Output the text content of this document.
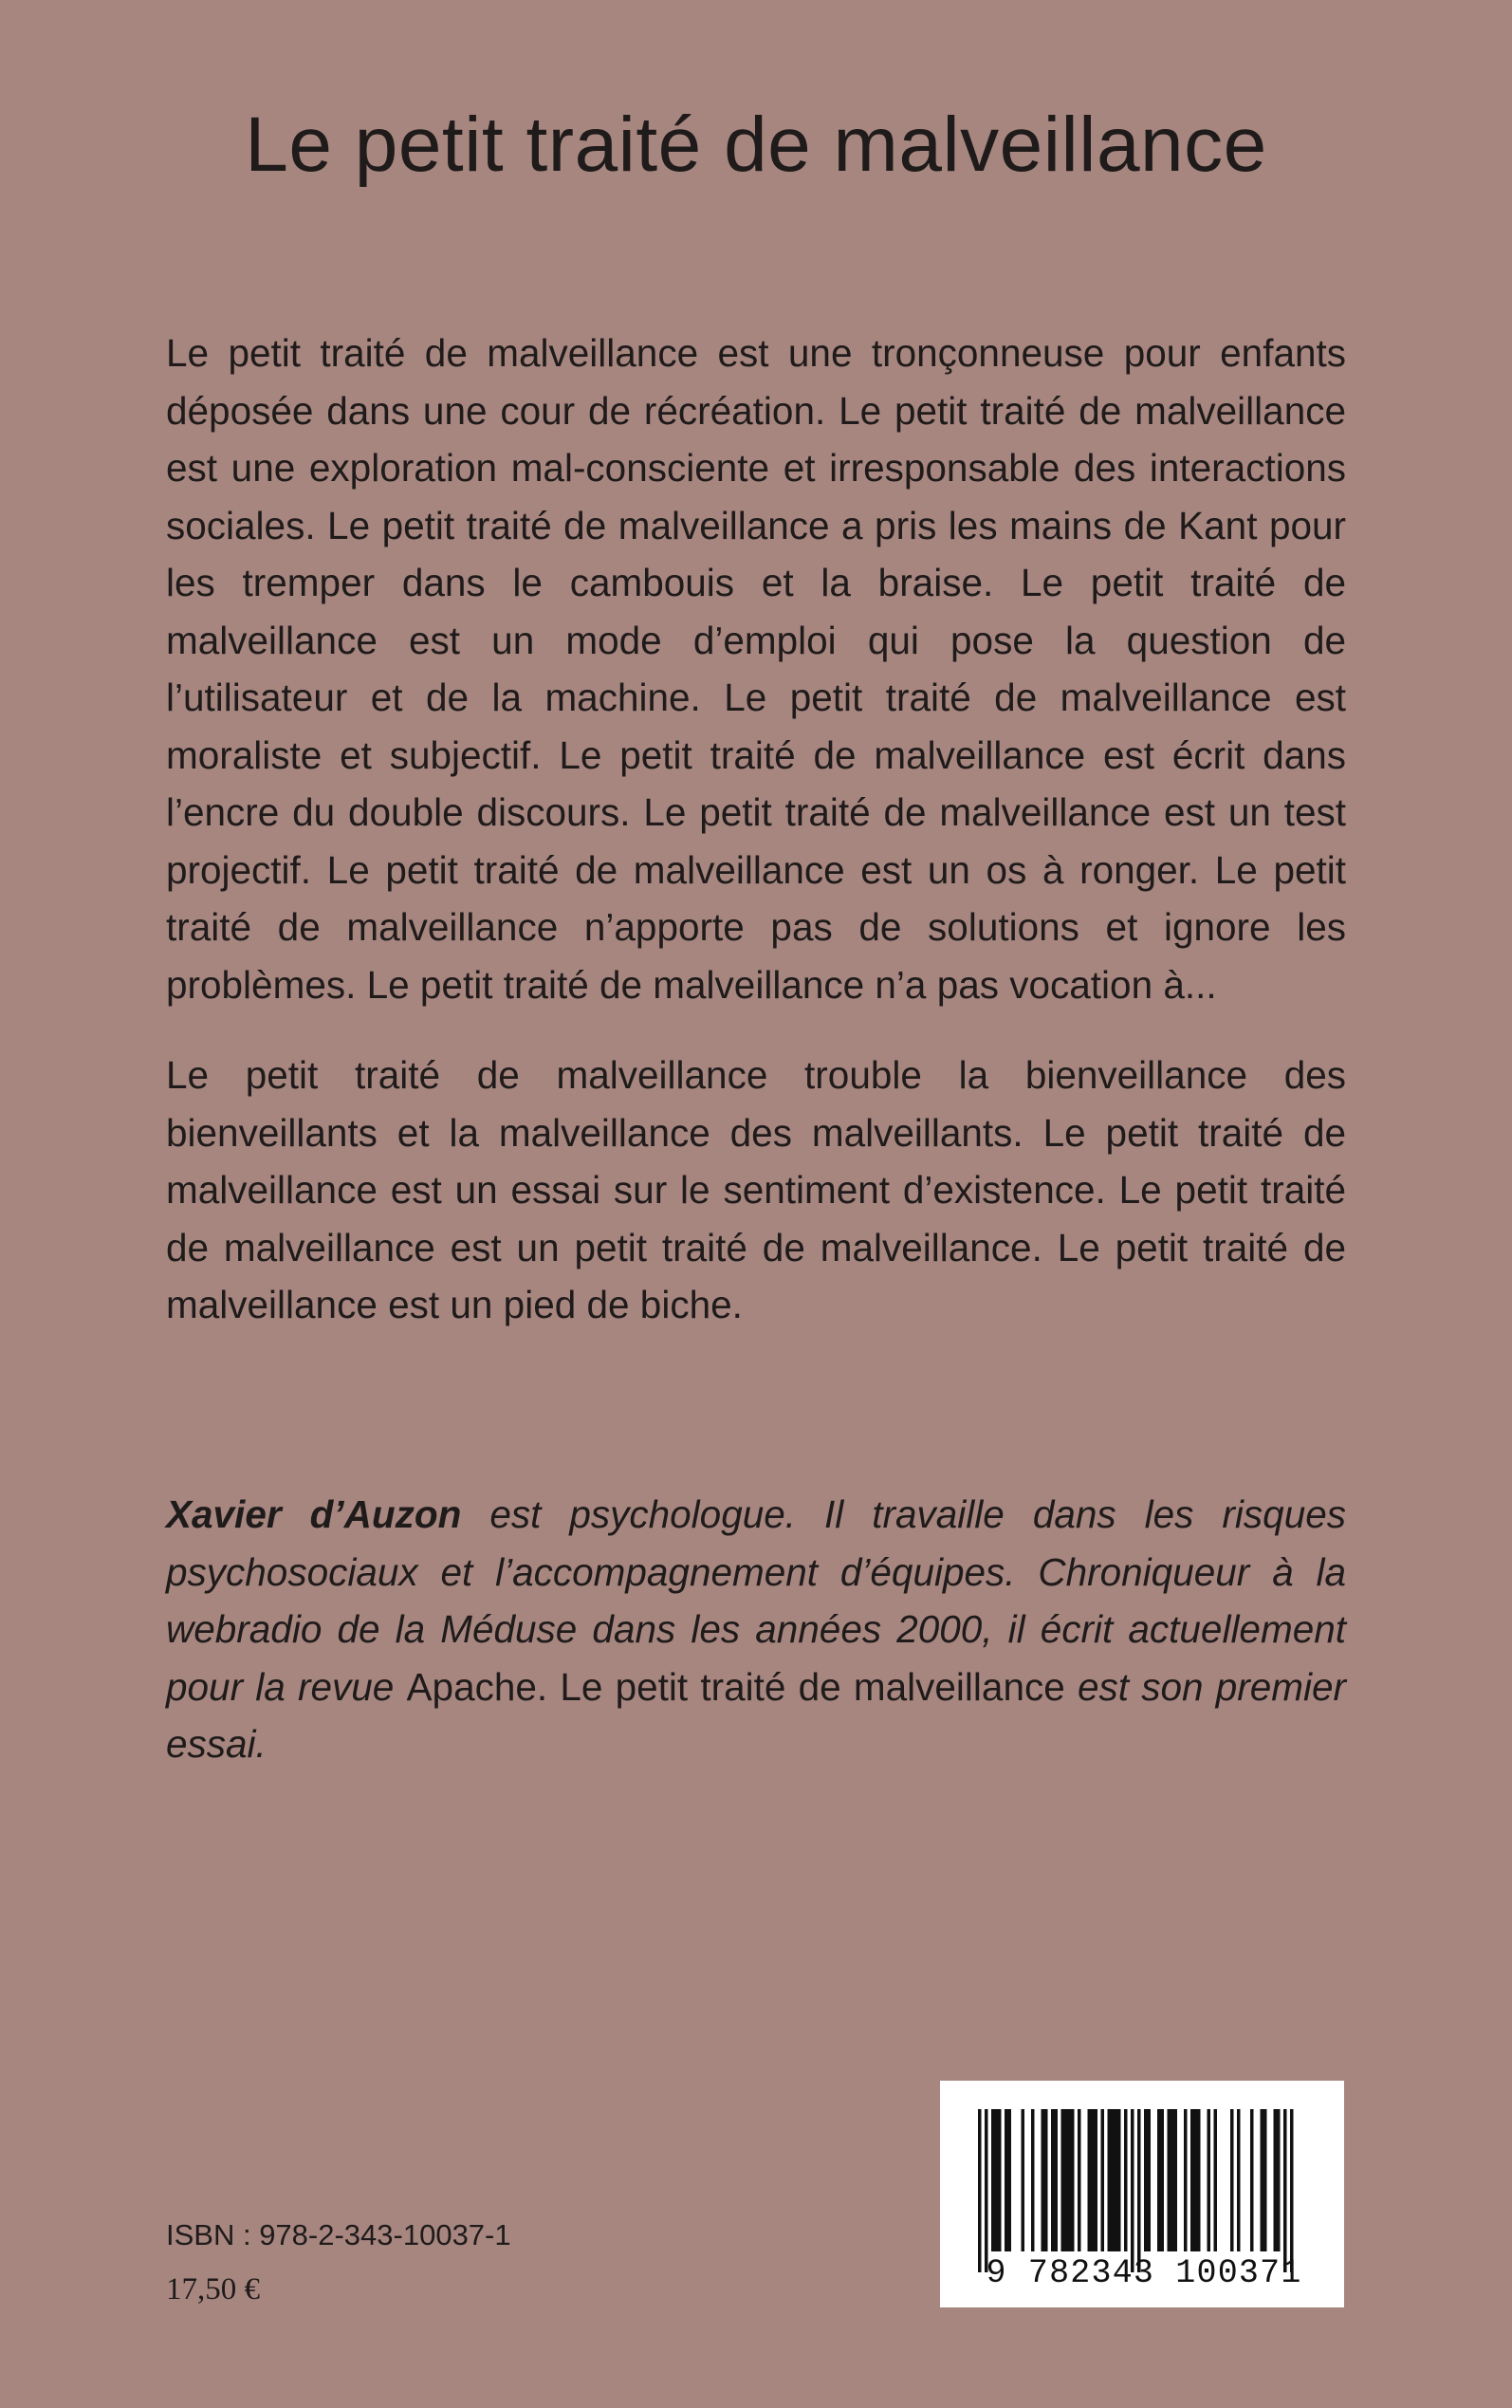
Le petit traité de malveillance

Le petit traité de malveillance est une tronçonneuse pour enfants déposée dans une cour de récréation. Le petit traité de malveillance est une exploration mal-consciente et irresponsable des interactions sociales. Le petit traité de malveillance a pris les mains de Kant pour les tremper dans le cambouis et la braise. Le petit traité de malveillance est un mode d’emploi qui pose la question de l’utilisateur et de la machine. Le petit traité de malveillance est moraliste et subjectif. Le petit traité de malveillance est écrit dans l’encre du double discours. Le petit traité de malveillance est un test projectif. Le petit traité de malveillance est un os à ronger. Le petit traité de malveillance n’apporte pas de solutions et ignore les problèmes. Le petit traité de malveillance n’a pas vocation à...

Le petit traité de malveillance trouble la bienveillance des bienveillants et la malveillance des malveillants. Le petit traité de malveillance est un essai sur le sentiment d’existence. Le petit traité de malveillance est un petit traité de malveillance. Le petit traité de malveillance est un pied de biche.

Xavier d’Auzon est psychologue. Il travaille dans les risques psychosociaux et l’accompagnement d’équipes. Chroniqueur à la webradio de la Méduse dans les années 2000, il écrit actuellement pour la revue Apache. Le petit traité de malveillance est son premier essai.

ISBN : 978-2-343-10037-1

17,50 €	9 782343 100371
